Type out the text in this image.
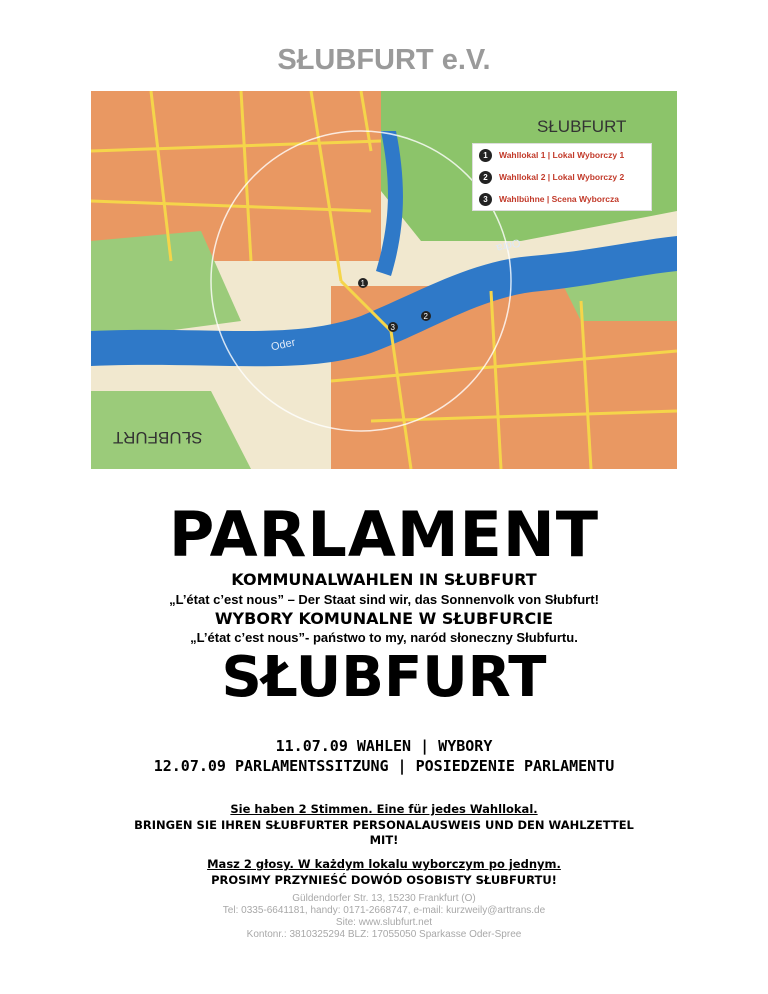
SŁUBFURT e.V.
1
2
3
SŁUBFURT
SŁUBFURT
Oder
Odra
1	Wahllokal 1 | Lokal Wyborczy 1
2	Wahllokal 2 | Lokal Wyborczy 2
3	Wahlbühne | Scena Wyborcza
PARLAMENT
KOMMUNALWAHLEN IN SŁUBFURT
„L’état c’est nous” – Der Staat sind wir, das Sonnenvolk von Słubfurt!
WYBORY KOMUNALNE W SŁUBFURCIE
„L’état c’est nous”- państwo to my, naród słoneczny Słubfurtu.
SŁUBFURT
11.07.09 WAHLEN | WYBORY
12.07.09 PARLAMENTSSITZUNG | POSIEDZENIE PARLAMENTU
Sie haben 2 Stimmen. Eine für jedes Wahllokal.
BRINGEN SIE IHREN SŁUBFURTER PERSONALAUSWEIS UND DEN WAHLZETTEL
MIT!
Masz 2 głosy. W każdym lokalu wyborczym po jednym.
PROSIMY PRZYNIEŚĆ DOWÓD OSOBISTY SŁUBFURTU!
Güldendorfer Str. 13, 15230 Frankfurt (O)
Tel: 0335-6641181, handy: 0171-2668747, e-mail: kurzweily@arttrans.de
Site: www.slubfurt.net
Kontonr.: 3810325294 BLZ: 17055050 Sparkasse Oder-Spree
